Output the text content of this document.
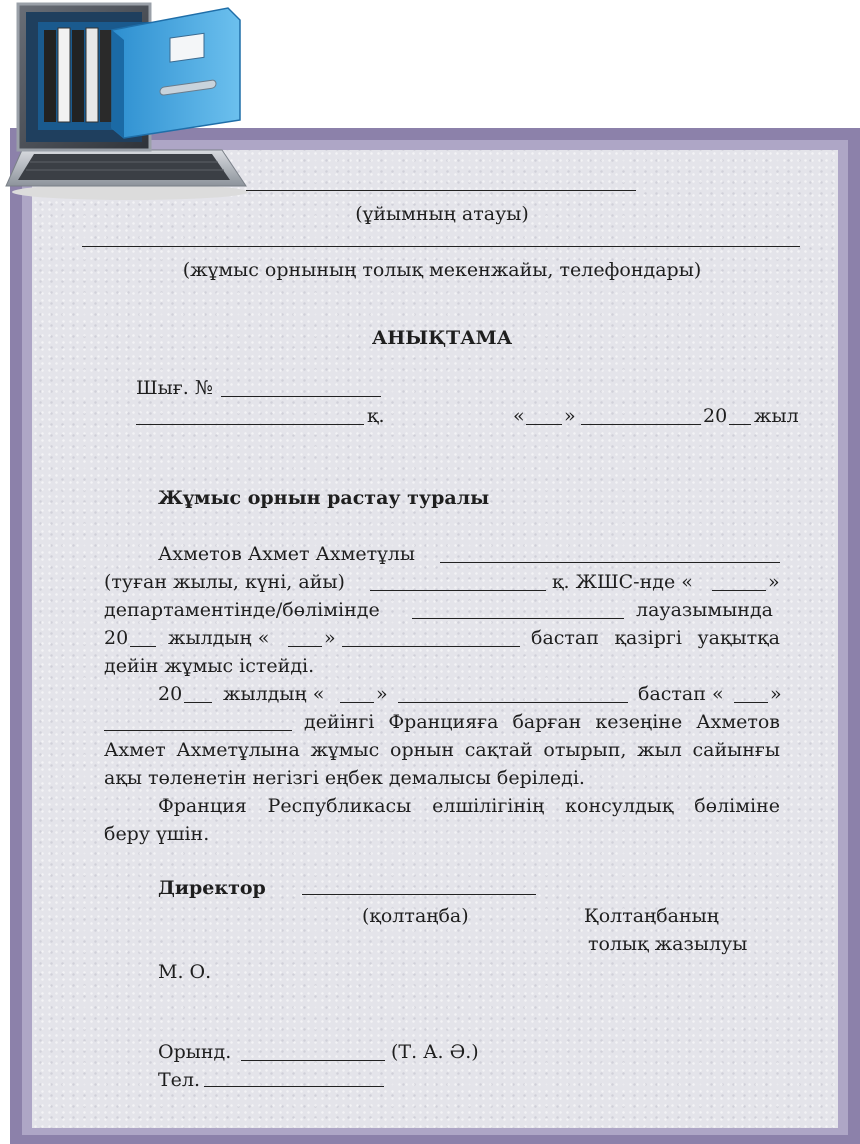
(ұйымның атауы)
(жұмыс орнының толық мекенжайы, телефондары)
АНЫҚТАМА
Шығ. №
қ.	« »	20 жыл
Жұмыс орнын растау туралы
Ахметов Ахмет Ахметұлы
(туған жылы, күні, айы)	қ. ЖШС-нде «	»
департаментінде/бөлімінде	лауазымында
20 жылдың «	»	бастап қазіргі уақытқа
дейін жұмыс істейді.
20 жылдың «	»	бастап « »
дейінгі Францияға барған кезеңіне Ахметов
Ахмет Ахметұлына жұмыс орнын сақтай отырып, жыл сайынғы
ақы төленетін негізгі еңбек демалысы беріледі.
Франция Республикасы елшілігінің консулдық бөліміне
беру үшін.
Директор
(қолтаңба)	Қолтаңбаның
толық жазылуы
М. О.
Орынд.	(Т. А. Ә.)
Тел.
